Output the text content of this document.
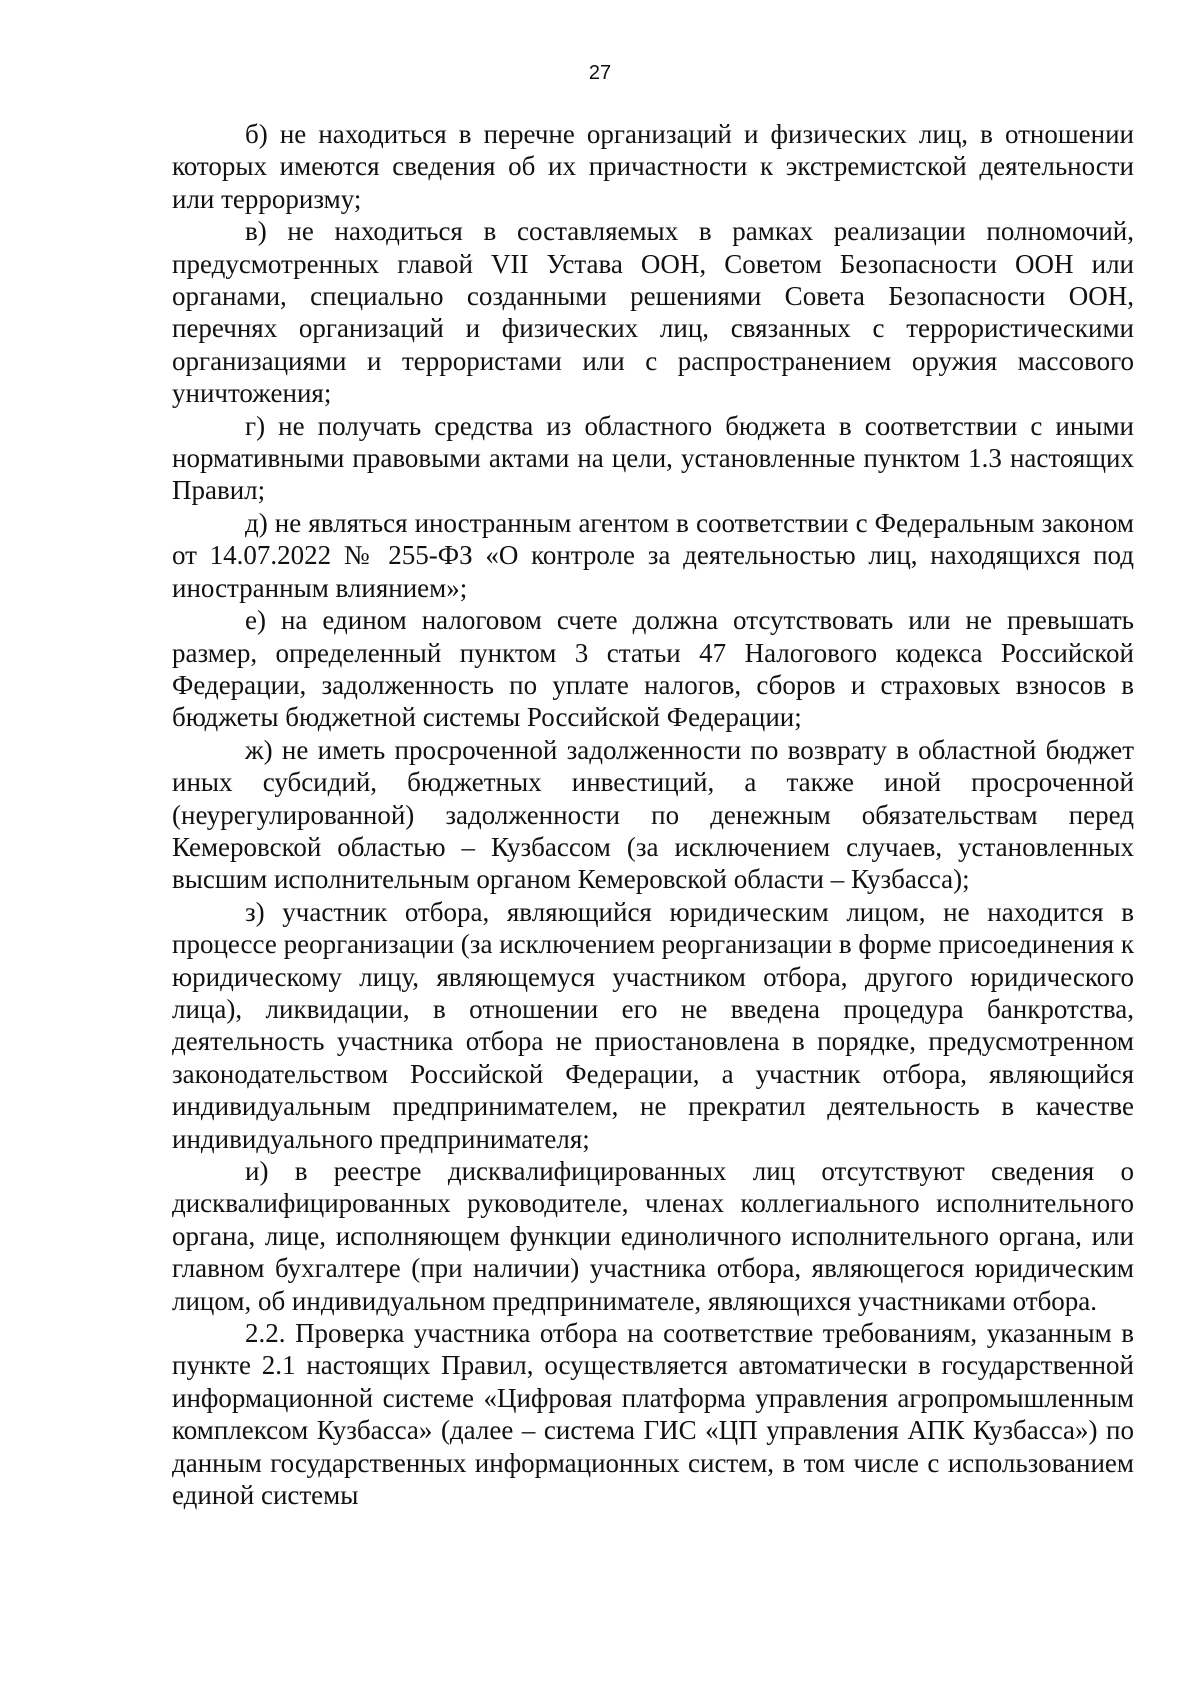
27

б) не находиться в перечне организаций и физических лиц, в отношении которых имеются сведения об их причастности к экстремистской деятельности или терроризму;

в) не находиться в составляемых в рамках реализации полномочий, предусмотренных главой VII Устава ООН, Советом Безопасности ООН или органами, специально созданными решениями Совета Безопасности ООН, перечнях организаций и физических лиц, связанных с террористическими организациями и террористами или с распространением оружия массового уничтожения;

г) не получать средства из областного бюджета в соответствии с иными нормативными правовыми актами на цели, установленные пунктом 1.3 настоящих Правил;

д) не являться иностранным агентом в соответствии с Федеральным законом от 14.07.2022 № 255-ФЗ «О контроле за деятельностью лиц, находящихся под иностранным влиянием»;

е) на едином налоговом счете должна отсутствовать или не превышать размер, определенный пунктом 3 статьи 47 Налогового кодекса Российской Федерации, задолженность по уплате налогов, сборов и страховых взносов в бюджеты бюджетной системы Российской Федерации;

ж) не иметь просроченной задолженности по возврату в областной бюджет иных субсидий, бюджетных инвестиций, а также иной просроченной (неурегулированной) задолженности по денежным обязательствам перед Кемеровской областью – Кузбассом (за исключением случаев, установленных высшим исполнительным органом Кемеровской области – Кузбасса);

з) участник отбора, являющийся юридическим лицом, не находится в процессе реорганизации (за исключением реорганизации в форме присоединения к юридическому лицу, являющемуся участником отбора, другого юридического лица), ликвидации, в отношении его не введена процедура банкротства, деятельность участника отбора не приостановлена в порядке, предусмотренном законодательством Российской Федерации, а участник отбора, являющийся индивидуальным предпринимателем, не прекратил деятельность в качестве индивидуального предпринимателя;

и) в реестре дисквалифицированных лиц отсутствуют сведения о дисквалифицированных руководителе, членах коллегиального исполнительного органа, лице, исполняющем функции единоличного исполнительного органа, или главном бухгалтере (при наличии) участника отбора, являющегося юридическим лицом, об индивидуальном предпринимателе, являющихся участниками отбора.

2.2. Проверка участника отбора на соответствие требованиям, указанным в пункте 2.1 настоящих Правил, осуществляется автоматически в государственной информационной системе «Цифровая платформа управления агропромышленным комплексом Кузбасса» (далее – система ГИС «ЦП управления АПК Кузбасса») по данным государственных информационных систем, в том числе с использованием единой системы
